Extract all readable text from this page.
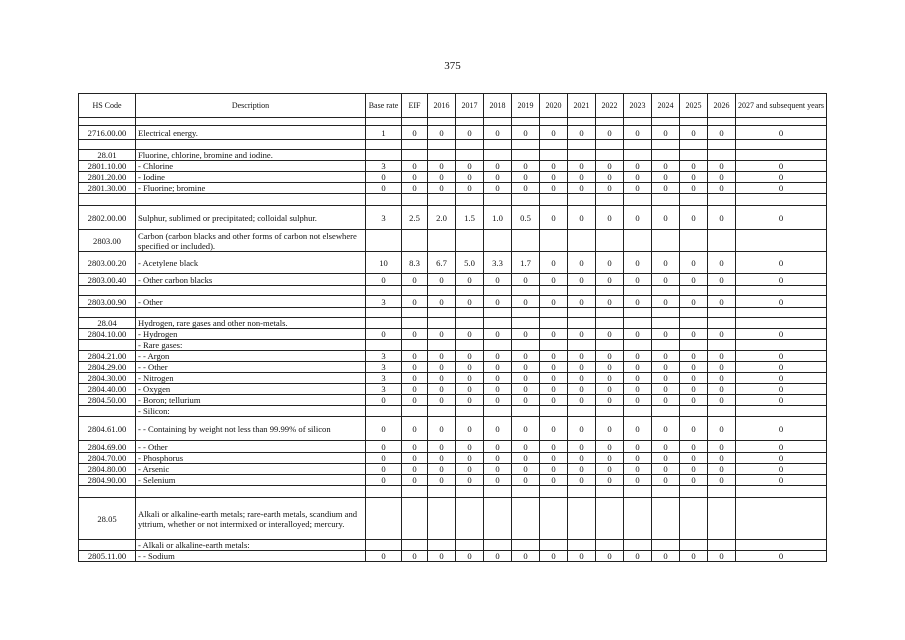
375
HS Code	Description	Base rate	EIF	2016	2017	2018	2019	2020	2021	2022	2023	2024	2025	2026	2027 and subsequent years

2716.00.00	Electrical energy.	1	0	0	0	0	0	0	0	0	0	0	0	0	0

28.01	Fluorine, chlorine, bromine and iodine.														
2801.10.00	- Chlorine	3	0	0	0	0	0	0	0	0	0	0	0	0	0
2801.20.00	- Iodine	0	0	0	0	0	0	0	0	0	0	0	0	0	0
2801.30.00	- Fluorine; bromine	0	0	0	0	0	0	0	0	0	0	0	0	0	0

2802.00.00	Sulphur, sublimed or precipitated; colloidal sulphur.	3	2.5	2.0	1.5	1.0	0.5	0	0	0	0	0	0	0	0
2803.00	Carbon (carbon blacks and other forms of carbon not elsewhere specified or included).														
2803.00.20	- Acetylene black	10	8.3	6.7	5.0	3.3	1.7	0	0	0	0	0	0	0	0
2803.00.40	- Other carbon blacks	0	0	0	0	0	0	0	0	0	0	0	0	0	0

2803.00.90	- Other	3	0	0	0	0	0	0	0	0	0	0	0	0	0

28.04	Hydrogen, rare gases and other non-metals.														
2804.10.00	- Hydrogen	0	0	0	0	0	0	0	0	0	0	0	0	0	0
	- Rare gases:														
2804.21.00	- - Argon	3	0	0	0	0	0	0	0	0	0	0	0	0	0
2804.29.00	- - Other	3	0	0	0	0	0	0	0	0	0	0	0	0	0
2804.30.00	- Nitrogen	3	0	0	0	0	0	0	0	0	0	0	0	0	0
2804.40.00	- Oxygen	3	0	0	0	0	0	0	0	0	0	0	0	0	0
2804.50.00	- Boron; tellurium	0	0	0	0	0	0	0	0	0	0	0	0	0	0
	- Silicon:														
2804.61.00	- - Containing by weight not less than 99.99% of silicon	0	0	0	0	0	0	0	0	0	0	0	0	0	0
2804.69.00	- - Other	0	0	0	0	0	0	0	0	0	0	0	0	0	0
2804.70.00	- Phosphorus	0	0	0	0	0	0	0	0	0	0	0	0	0	0
2804.80.00	- Arsenic	0	0	0	0	0	0	0	0	0	0	0	0	0	0
2804.90.00	- Selenium	0	0	0	0	0	0	0	0	0	0	0	0	0	0

28.05	Alkali or alkaline-earth metals; rare-earth metals, scandium and yttrium, whether or not intermixed or interalloyed; mercury.														
	- Alkali or alkaline-earth metals:														
2805.11.00	- - Sodium	0	0	0	0	0	0	0	0	0	0	0	0	0	0
